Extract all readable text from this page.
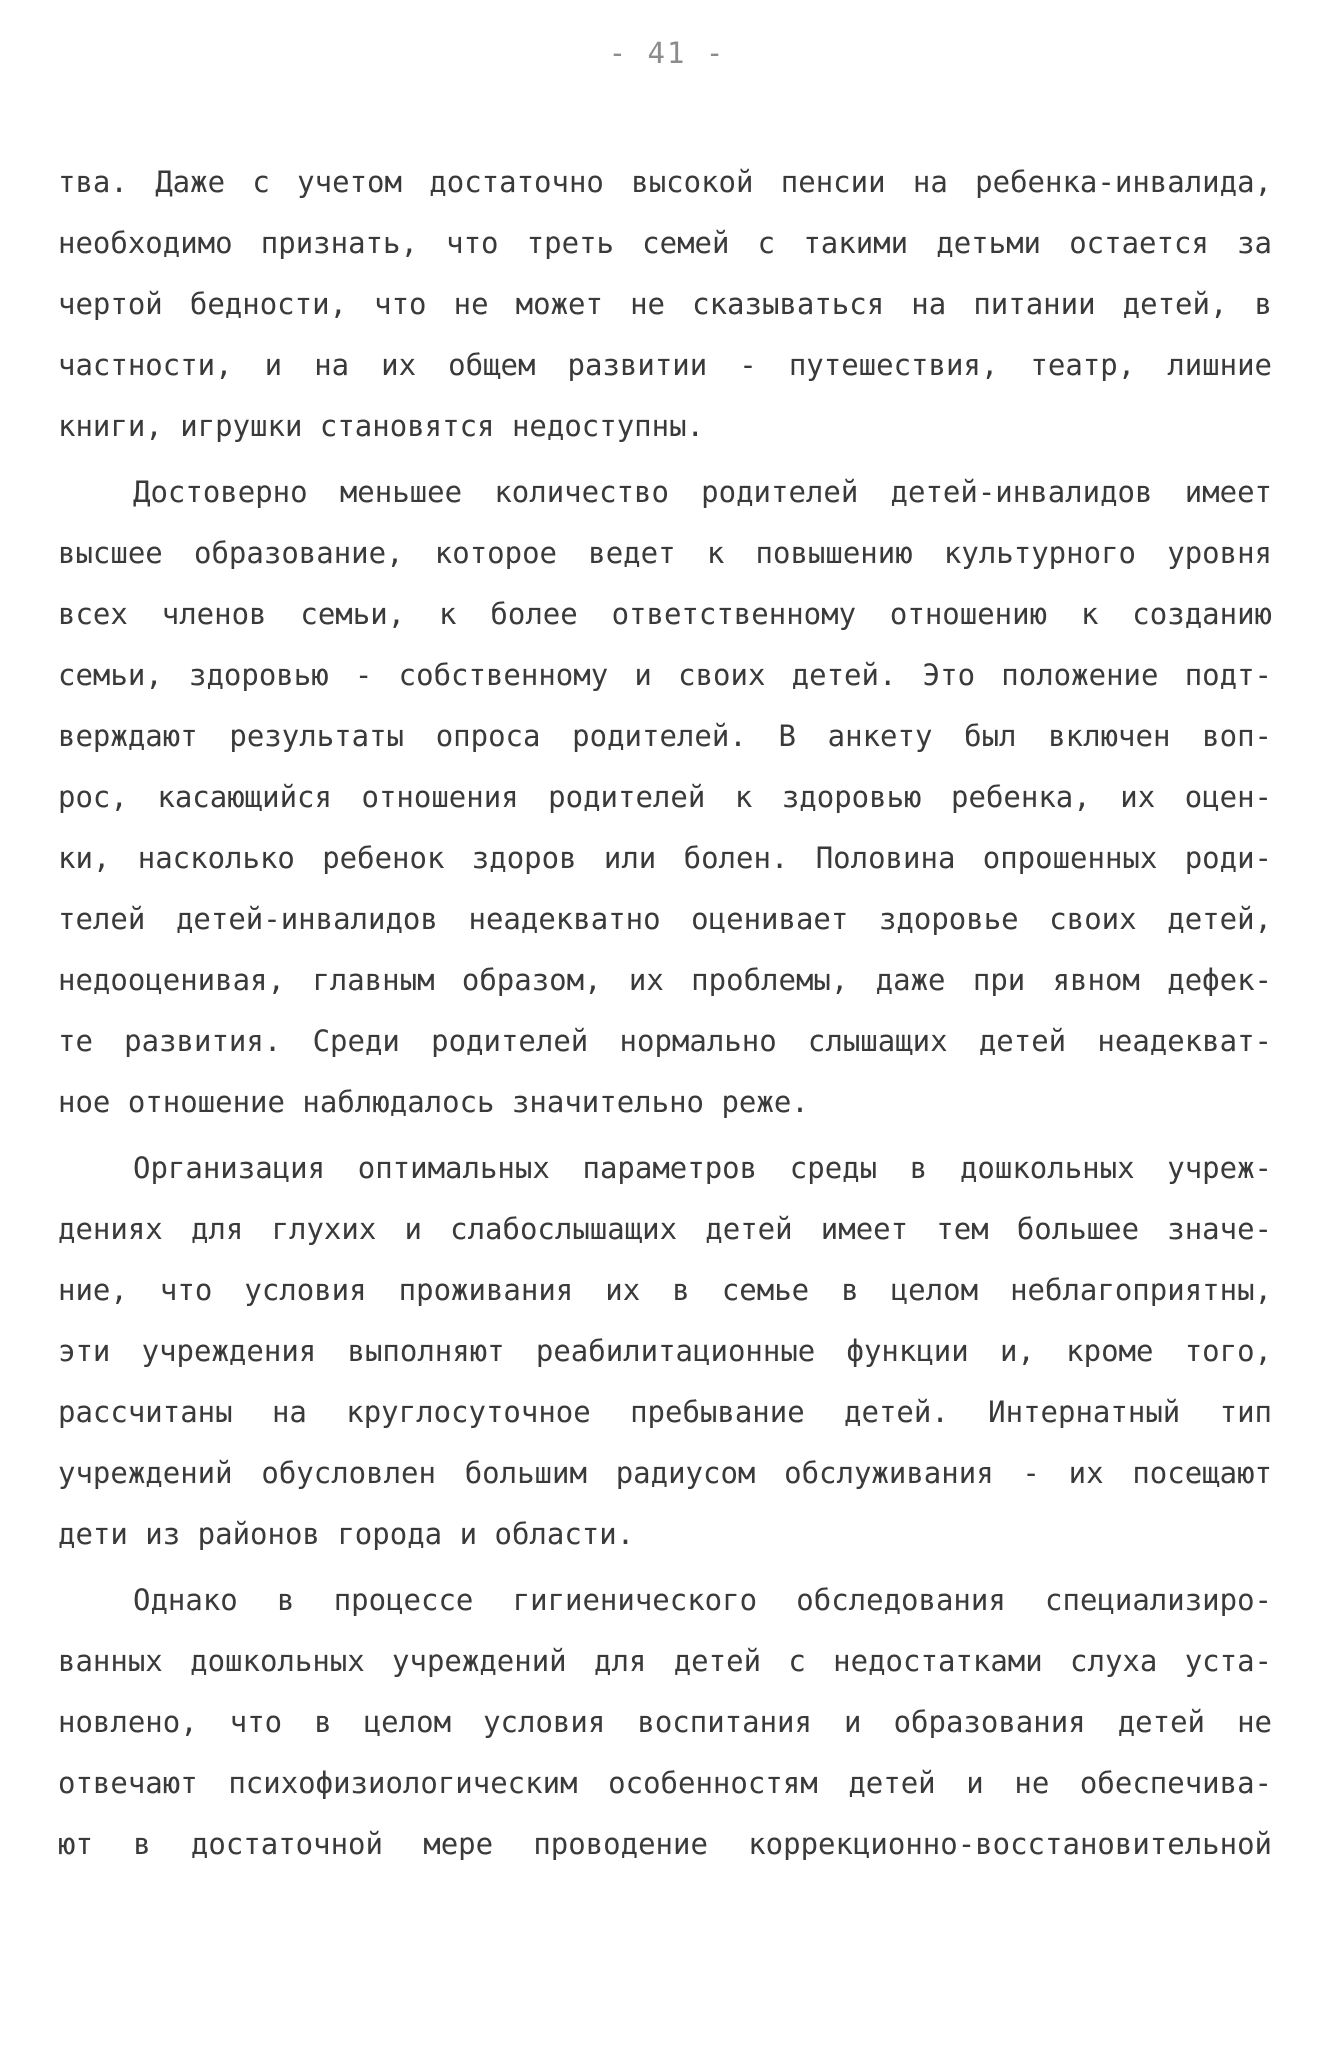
- 41 -

тва. Даже с учетом достаточно высокой пенсии на ребенка-инвалида,

необходимо признать, что треть семей с такими детьми остается за

чертой бедности, что не может не сказываться на питании детей, в

частности, и на их общем развитии - путешествия, театр, лишние

книги, игрушки становятся недоступны.

Достоверно меньшее количество родителей детей-инвалидов имеет

высшее образование, которое ведет к повышению культурного уровня

всех членов семьи, к более ответственному отношению к созданию

семьи, здоровью - собственному и своих детей. Это положение подт-

верждают результаты опроса родителей. В анкету был включен воп-

рос, касающийся отношения родителей к здоровью ребенка, их оцен-

ки, насколько ребенок здоров или болен. Половина опрошенных роди-

телей детей-инвалидов неадекватно оценивает здоровье своих детей,

недооценивая, главным образом, их проблемы, даже при явном дефек-

те развития. Среди родителей нормально слышащих детей неадекват-

ное отношение наблюдалось значительно реже.

Организация оптимальных параметров среды в дошкольных учреж-

дениях для глухих и слабослышащих детей имеет тем большее значе-

ние, что условия проживания их в семье в целом неблагоприятны,

эти учреждения выполняют реабилитационные функции и, кроме того,

рассчитаны на круглосуточное пребывание детей. Интернатный тип

учреждений обусловлен большим радиусом обслуживания - их посещают

дети из районов города и области.

Однако в процессе гигиенического обследования специализиро-

ванных дошкольных учреждений для детей с недостатками слуха уста-

новлено, что в целом условия воспитания и образования детей не

отвечают психофизиологическим особенностям детей и не обеспечива-

ют в достаточной мере проводение коррекционно-восстановительной
